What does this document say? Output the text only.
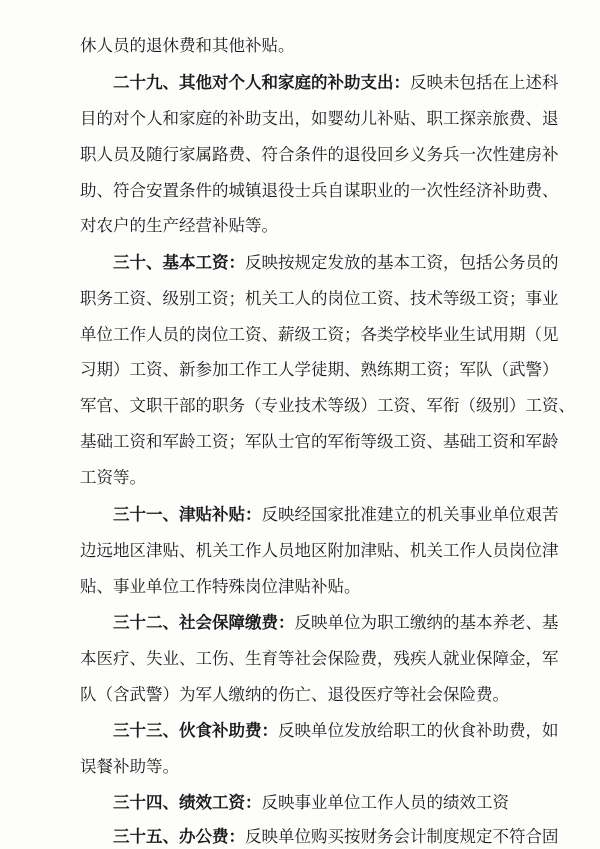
休人员的退休费和其他补贴。
二十九、其他对个人和家庭的补助支出：反映未包括在上述科
目的对个人和家庭的补助支出，如婴幼儿补贴、职工探亲旅费、退
职人员及随行家属路费、符合条件的退役回乡义务兵一次性建房补
助、符合安置条件的城镇退役士兵自谋职业的一次性经济补助费、
对农户的生产经营补贴等。
三十、基本工资：反映按规定发放的基本工资，包括公务员的
职务工资、级别工资；机关工人的岗位工资、技术等级工资；事业
单位工作人员的岗位工资、薪级工资；各类学校毕业生试用期（见
习期）工资、新参加工作工人学徒期、熟练期工资；军队（武警）
军官、文职干部的职务（专业技术等级）工资、军衔（级别）工资、
基础工资和军龄工资；军队士官的军衔等级工资、基础工资和军龄
工资等。
三十一、津贴补贴：反映经国家批准建立的机关事业单位艰苦
边远地区津贴、机关工作人员地区附加津贴、机关工作人员岗位津
贴、事业单位工作特殊岗位津贴补贴。
三十二、社会保障缴费：反映单位为职工缴纳的基本养老、基
本医疗、失业、工伤、生育等社会保险费，残疾人就业保障金，军
队（含武警）为军人缴纳的伤亡、退役医疗等社会保险费。
三十三、伙食补助费：反映单位发放给职工的伙食补助费，如
误餐补助等。
三十四、绩效工资：反映事业单位工作人员的绩效工资
三十五、办公费：反映单位购买按财务会计制度规定不符合固
